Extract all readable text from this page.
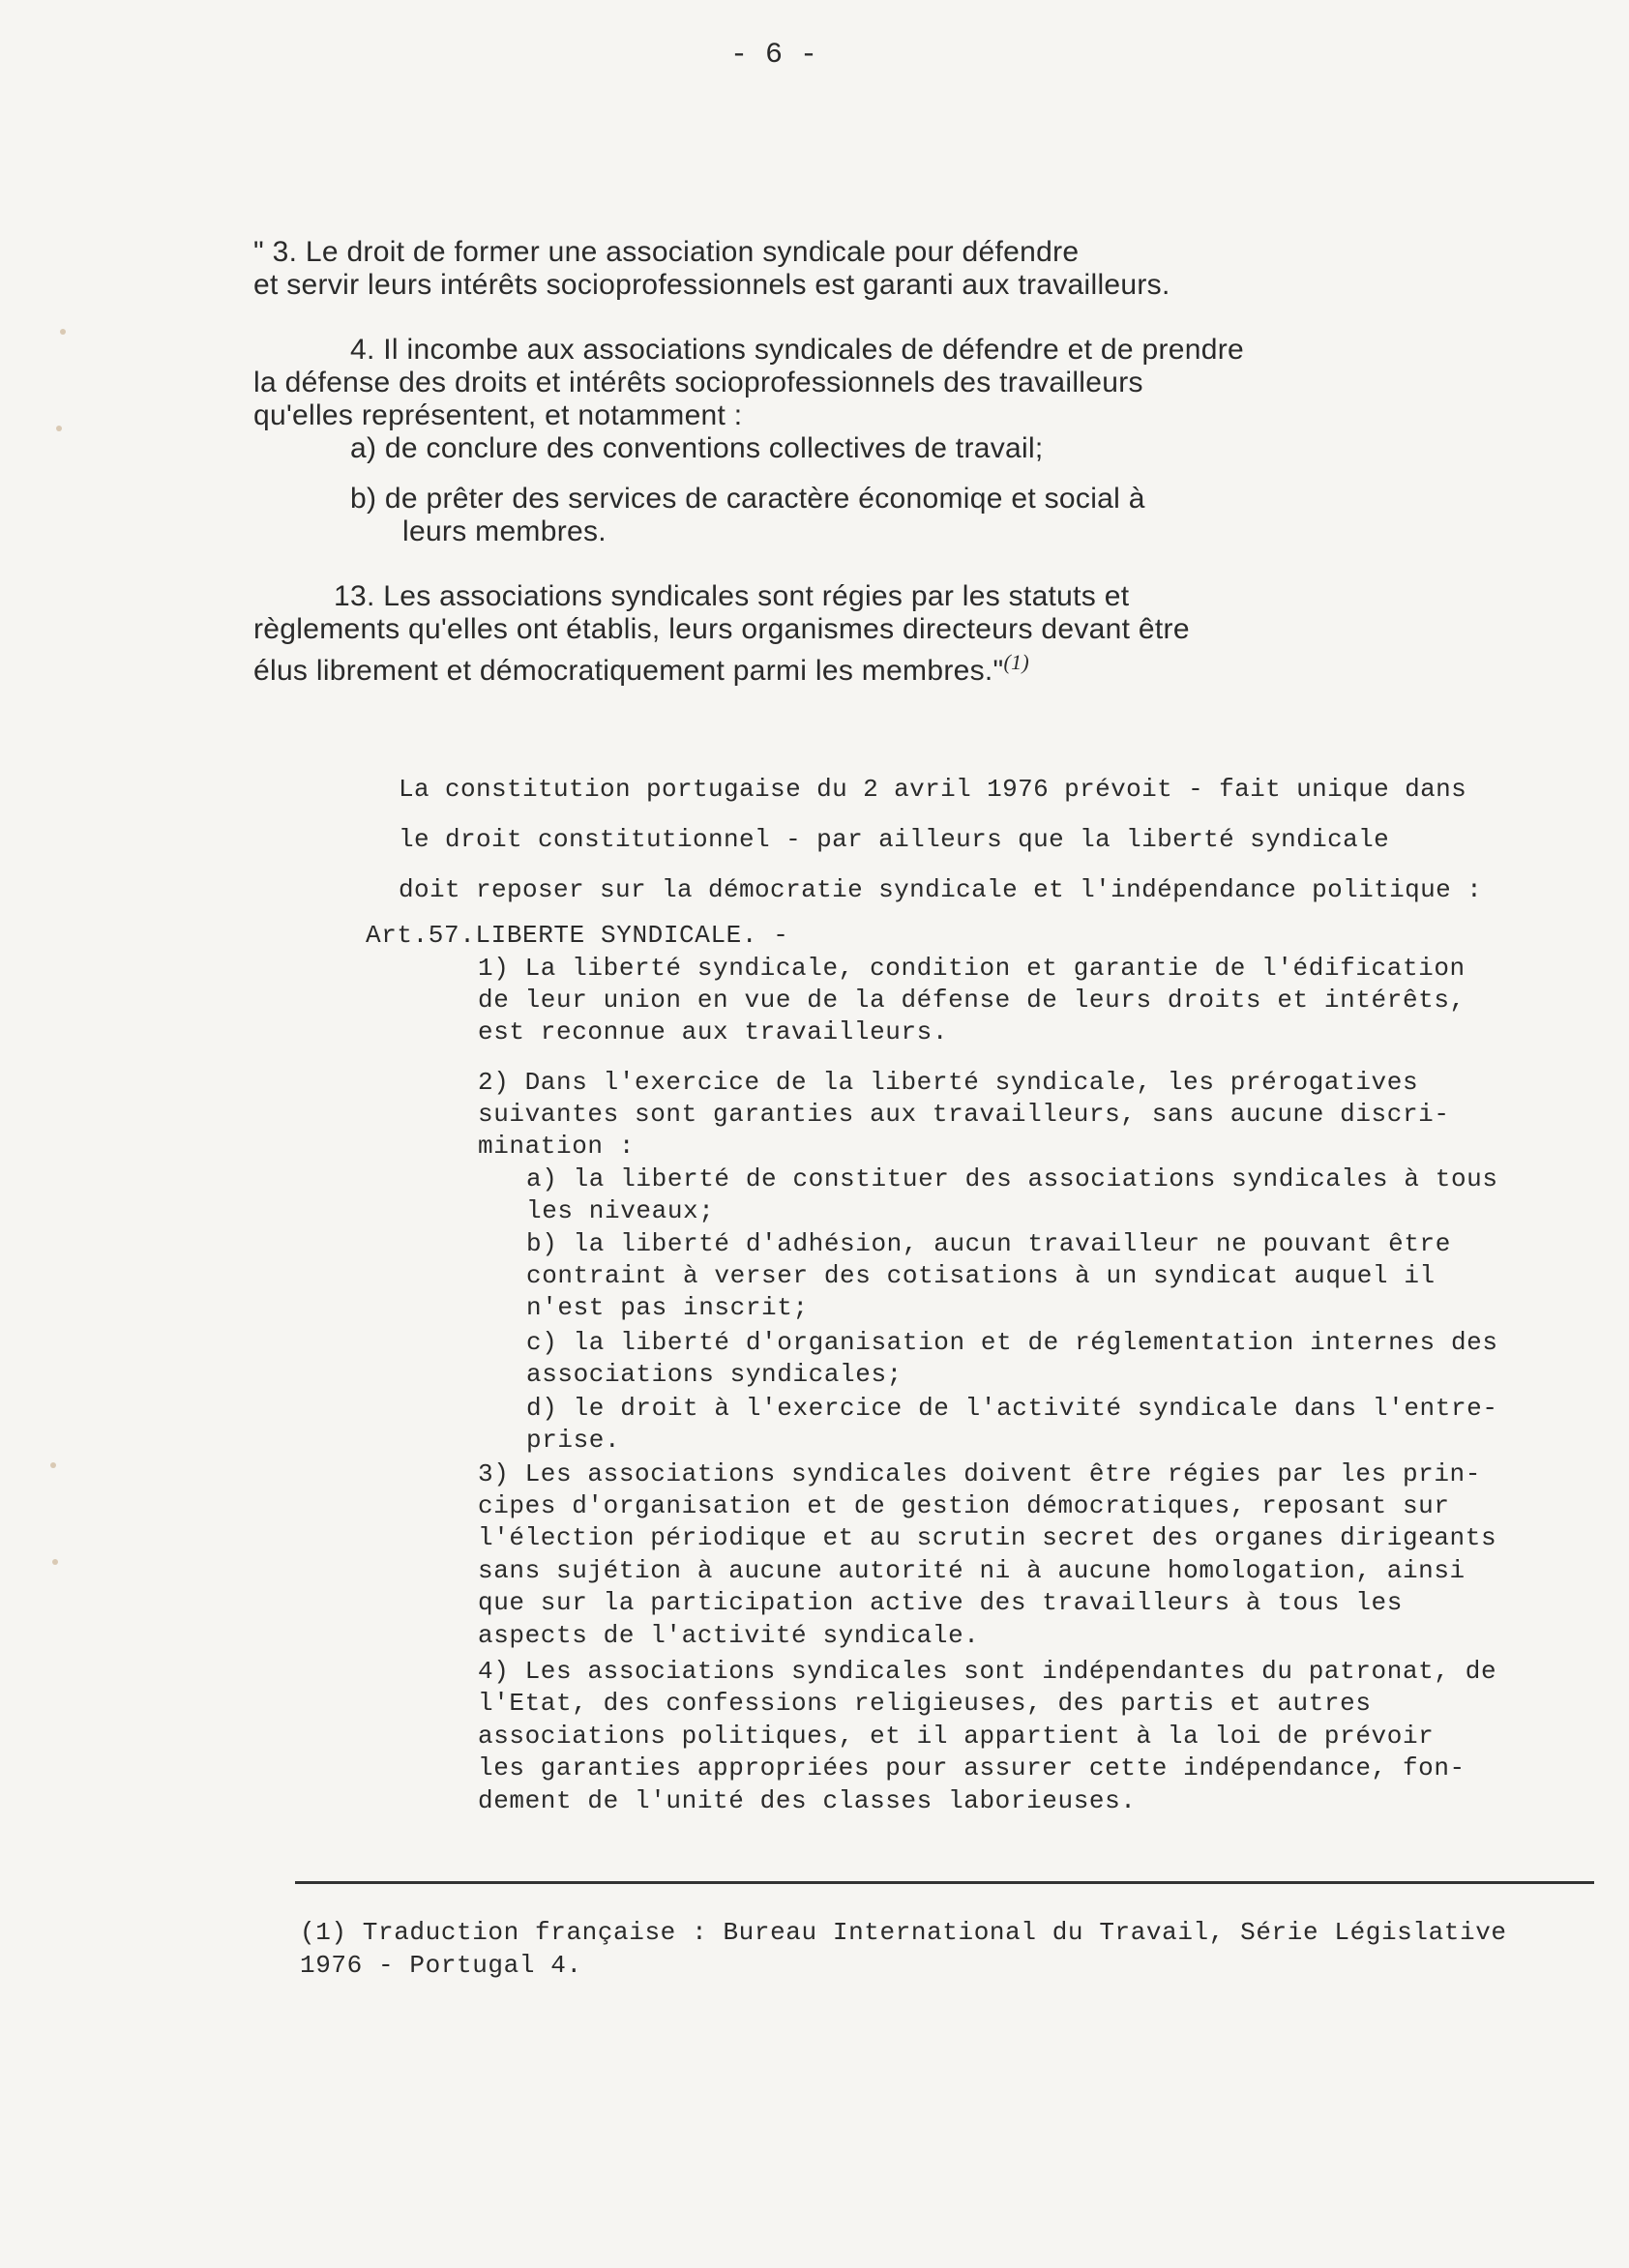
- 6 -
" 3. Le droit de former une association syndicale pour défendre
et servir leurs intérêts socioprofessionnels est garanti aux travailleurs.
4. Il incombe aux associations syndicales de défendre et de prendre
la défense des droits et intérêts socioprofessionnels des travailleurs
qu'elles représentent, et notamment :
a) de conclure des conventions collectives de travail;
b) de prêter des services de caractère économiqe et social à
leurs membres.
13. Les associations syndicales sont régies par les statuts et
règlements qu'elles ont établis, leurs organismes directeurs devant être
élus librement et démocratiquement parmi les membres."$^{(1)}$
La constitution portugaise du 2 avril 1976 prévoit - fait unique dans
le droit constitutionnel - par ailleurs que la liberté syndicale
doit reposer sur la démocratie syndicale et l'indépendance politique :
Art.57.LIBERTE SYNDICALE. -
1) La liberté syndicale, condition et garantie de l'édification
de leur union en vue de la défense de leurs droits et intérêts,
est reconnue aux travailleurs.
2) Dans l'exercice de la liberté syndicale, les prérogatives
suivantes sont garanties aux travailleurs, sans aucune discri-
mination :
a) la liberté de constituer des associations syndicales à tous
les niveaux;
b) la liberté d'adhésion, aucun travailleur ne pouvant être
contraint à verser des cotisations à un syndicat auquel il
n'est pas inscrit;
c) la liberté d'organisation et de réglementation internes des
associations syndicales;
d) le droit à l'exercice de l'activité syndicale dans l'entre-
prise.
3) Les associations syndicales doivent être régies par les prin-
cipes d'organisation et de gestion démocratiques, reposant sur
l'élection périodique et au scrutin secret des organes dirigeants
sans sujétion à aucune autorité ni à aucune homologation, ainsi
que sur la participation active des travailleurs à tous les
aspects de l'activité syndicale.
4) Les associations syndicales sont indépendantes du patronat, de
l'Etat, des confessions religieuses, des partis et autres
associations politiques, et il appartient à la loi de prévoir
les garanties appropriées pour assurer cette indépendance, fon-
dement de l'unité des classes laborieuses.
(1) Traduction française : Bureau International du Travail, Série Législative
1976 - Portugal 4.
